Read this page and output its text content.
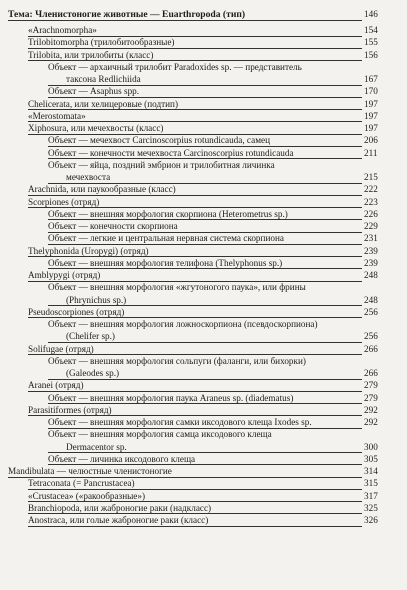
Тема: Членистоногие животные — Euarthropoda (тип)	146
«Arachnomorpha»	154
Trilobitomorpha (трилобитообразные)	155
Trilobita, или трилобиты (класс)	156
Объект — архаичный трилобит Paradoxides sp. — представитель
таксона Redlichiida	167
Объект — Asaphus spp.	170
Chelicerata, или хелицеровые (подтип)	197
«Merostomata»	197
Xiphosura, или мечехвосты (класс)	197
Объект — мечехвост Carcinoscorpius rotundicauda, самец	206
Объект — конечности мечехвоста Carcinoscorpius rotundicauda	211
Объект — яйца, поздний эмбрион и трилобитная личинка
мечехвоста	215
Arachnida, или паукообразные (класс)	222
Scorpiones (отряд)	223
Объект — внешняя морфология скорпиона (Heterometrus sp.)	226
Объект — конечности скорпиона	229
Объект — легкие и центральная нервная система скорпиона	231
Thelyphonida (Uropygi) (отряд)	239
Объект — внешняя морфология телифона (Thelyphonus sp.)	239
Amblypygi (отряд)	248
Объект — внешняя морфология «жгутоногого паука», или фрины
(Phrynichus sp.)	248
Pseudoscorpiones (отряд)	256
Объект — внешняя морфология ложноскорпиона (псевдоскорпиона)
(Chelifer sp.)	256
Solifugae (отряд)	266
Объект — внешняя морфология сольпуги (фаланги, или бихорки)
(Galeodes sp.)	266
Aranei (отряд)	279
Объект — внешняя морфология паука Araneus sp. (diadematus)	279
Parasitiformes (отряд)	292
Объект — внешняя морфология самки иксодового клеща Ixodes sp.	292
Объект — внешняя морфология самца иксодового клеща
Dermacentor sp.	300
Объект — личинка иксодового клеща	305
Mandibulata — челюстные членистоногие	314
Tetraconata (= Pancrustacea)	315
«Crustacea» («ракообразные»)	317
Branchiopoda, или жаброногие раки (надкласс)	325
Anostraca, или голые жаброногие раки (класс)	326
